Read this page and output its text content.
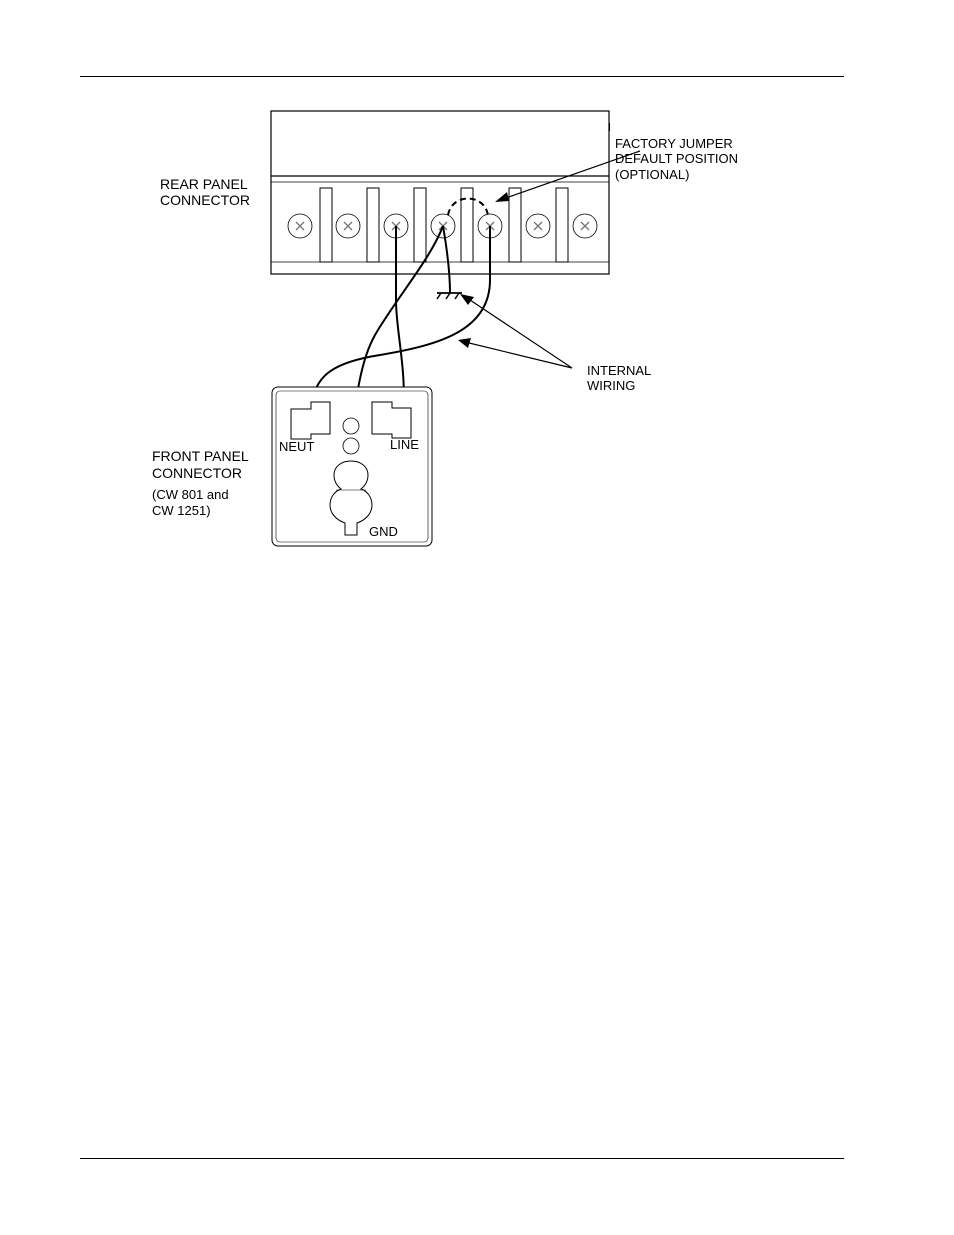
REAR PANEL
CONNECTOR
FACTORY JUMPER
DEFAULT POSITION
(OPTIONAL)
INTERNAL
WIRING
NEUT	LINE
GND
FRONT PANEL
CONNECTOR
(CW 801 and
CW 1251)
